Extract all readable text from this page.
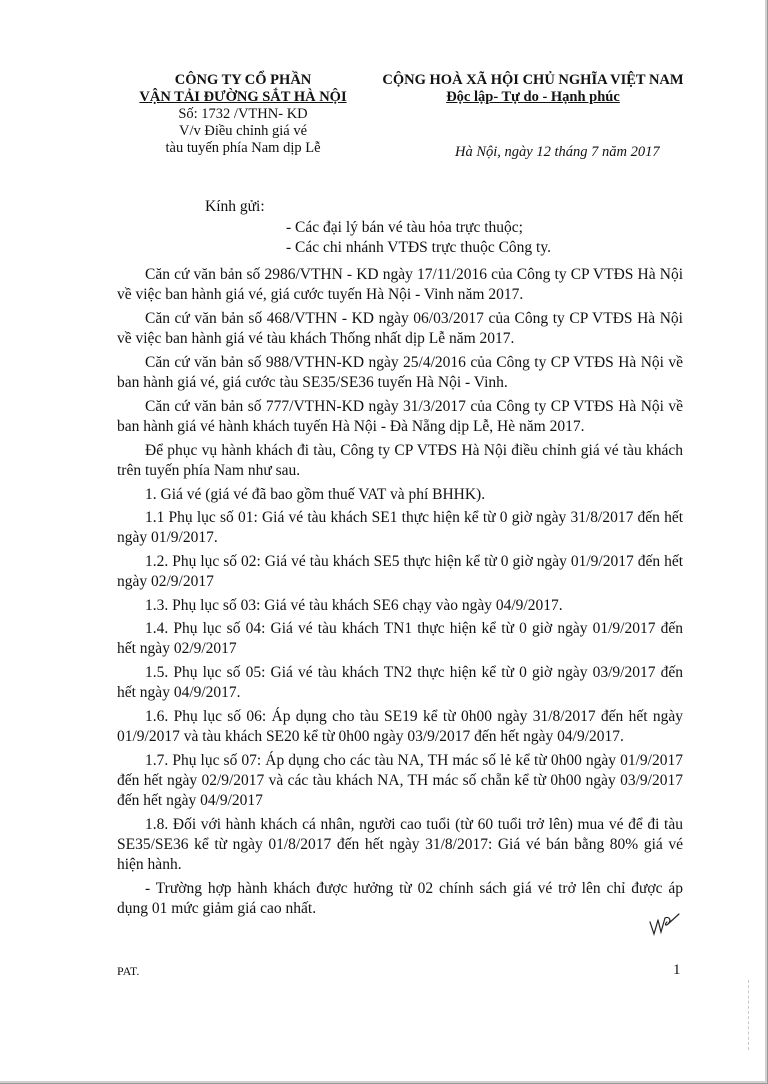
CÔNG TY CỔ PHẦN
VẬN TẢI ĐƯỜNG SẮT HÀ NỘI
Số: 1732 /VTHN- KD
V/v Điều chỉnh giá vé
tàu tuyến phía Nam dịp Lễ
CỘNG HOÀ XÃ HỘI CHỦ NGHĨA VIỆT NAM
Độc lập- Tự do - Hạnh phúc
Hà Nội, ngày 12 tháng 7 năm 2017
Kính gửi:
- Các đại lý bán vé tàu hỏa trực thuộc;
- Các chi nhánh VTĐS trực thuộc Công ty.

Căn cứ văn bản số 2986/VTHN - KD ngày 17/11/2016 của Công ty CP VTĐS Hà Nội về việc ban hành giá vé, giá cước tuyến Hà Nội - Vinh năm 2017.

Căn cứ văn bản số 468/VTHN - KD ngày 06/03/2017 của Công ty CP VTĐS Hà Nội về việc ban hành giá vé tàu khách Thống nhất dịp Lễ năm 2017.

Căn cứ văn bản số 988/VTHN-KD ngày 25/4/2016 của Công ty CP VTĐS Hà Nội về ban hành giá vé, giá cước tàu SE35/SE36 tuyến Hà Nội - Vinh.

Căn cứ văn bản số 777/VTHN-KD ngày 31/3/2017 của Công ty CP VTĐS Hà Nội về ban hành giá vé hành khách tuyến Hà Nội - Đà Nẵng dịp Lễ, Hè năm 2017.

Để phục vụ hành khách đi tàu, Công ty CP VTĐS Hà Nội điều chỉnh giá vé tàu khách trên tuyến phía Nam như sau.

1. Giá vé (giá vé đã bao gồm thuế VAT và phí BHHK).

1.1 Phụ lục số 01: Giá vé tàu khách SE1 thực hiện kể từ 0 giờ ngày 31/8/2017 đến hết ngày 01/9/2017.

1.2. Phụ lục số 02: Giá vé tàu khách SE5 thực hiện kể từ 0 giờ ngày 01/9/2017 đến hết ngày 02/9/2017

1.3. Phụ lục số 03: Giá vé tàu khách SE6 chạy vào ngày 04/9/2017.

1.4. Phụ lục số 04: Giá vé tàu khách TN1 thực hiện kể từ 0 giờ ngày 01/9/2017 đến hết ngày 02/9/2017

1.5. Phụ lục số 05: Giá vé tàu khách TN2 thực hiện kể từ 0 giờ ngày 03/9/2017 đến hết ngày 04/9/2017.

1.6. Phụ lục số 06: Áp dụng cho tàu SE19 kể từ 0h00 ngày 31/8/2017 đến hết ngày 01/9/2017 và tàu khách SE20 kể từ 0h00 ngày 03/9/2017 đến hết ngày 04/9/2017.

1.7. Phụ lục số 07: Áp dụng cho các tàu NA, TH mác số lẻ kể từ 0h00 ngày 01/9/2017 đến hết ngày 02/9/2017 và các tàu khách NA, TH mác số chẵn kể từ 0h00 ngày 03/9/2017 đến hết ngày 04/9/2017

1.8. Đối với hành khách cá nhân, người cao tuổi (từ 60 tuổi trở lên) mua vé để đi tàu SE35/SE36 kể từ ngày 01/8/2017 đến hết ngày 31/8/2017: Giá vé bán bằng 80% giá vé hiện hành.

- Trường hợp hành khách được hưởng từ 02 chính sách giá vé trở lên chỉ được áp dụng 01 mức giảm giá cao nhất.

PAT.	1
